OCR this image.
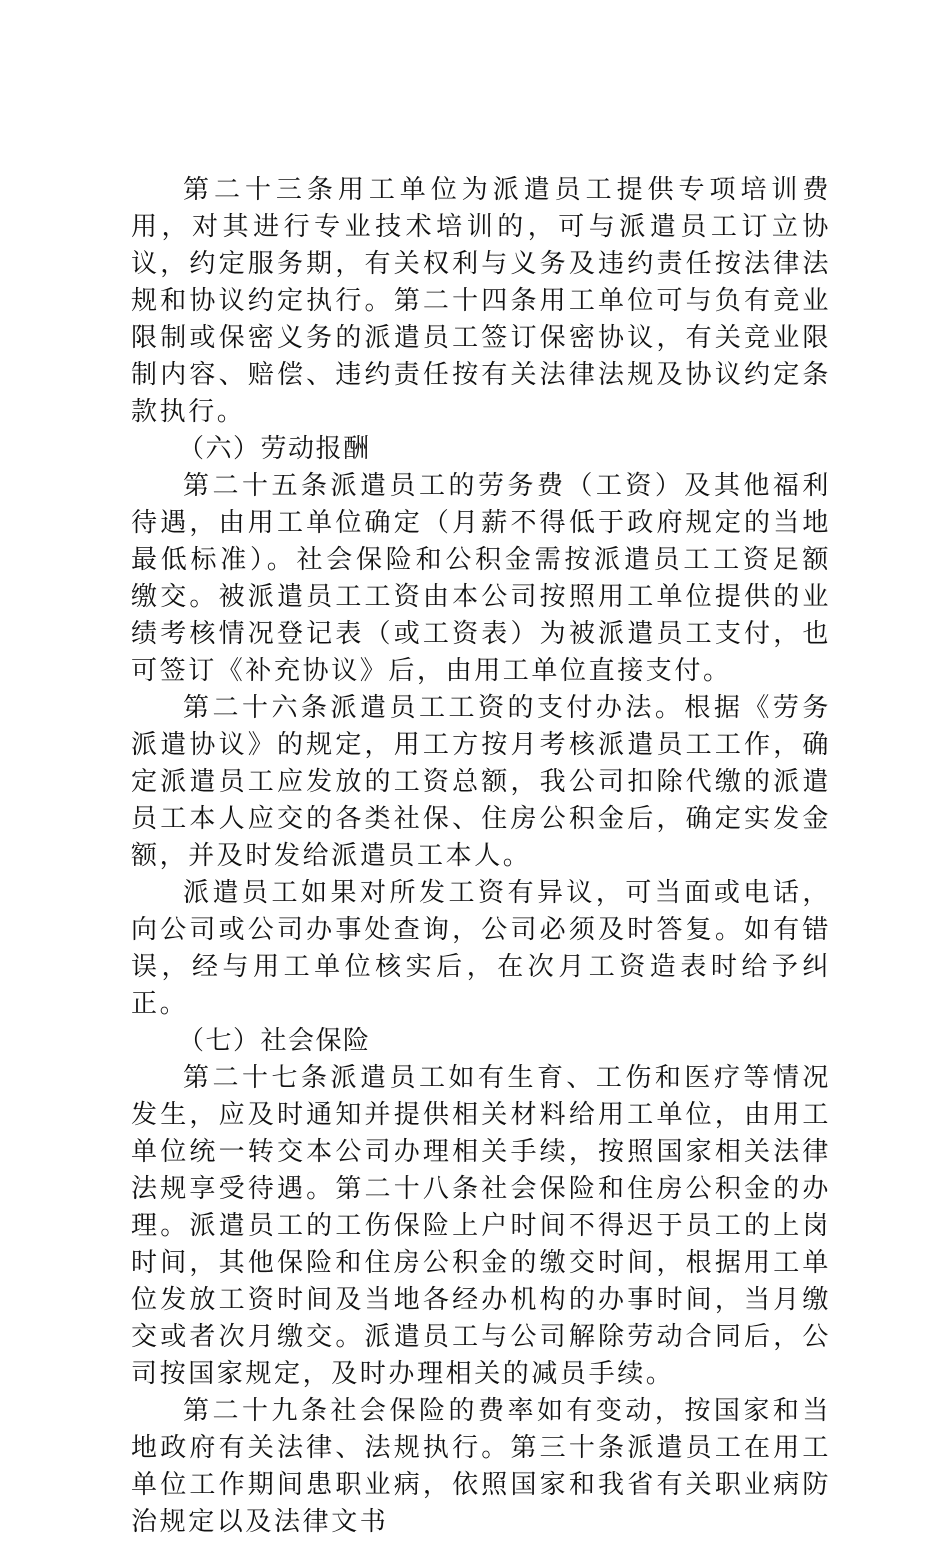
第二十三条用工单位为派遣员工提供专项培训费用，对其进行专业技术培训的，可与派遣员工订立协议，约定服务期，有关权利与义务及违约责任按法律法规和协议约定执行。第二十四条用工单位可与负有竞业限制或保密义务的派遣员工签订保密协议，有关竞业限制内容、赔偿、违约责任按有关法律法规及协议约定条款执行。

（六）劳动报酬

第二十五条派遣员工的劳务费（工资）及其他福利待遇，由用工单位确定（月薪不得低于政府规定的当地最低标准）。社会保险和公积金需按派遣员工工资足额缴交。被派遣员工工资由本公司按照用工单位提供的业绩考核情况登记表（或工资表）为被派遣员工支付，也可签订《补充协议》后，由用工单位直接支付。

第二十六条派遣员工工资的支付办法。根据《劳务派遣协议》的规定，用工方按月考核派遣员工工作，确定派遣员工应发放的工资总额，我公司扣除代缴的派遣员工本人应交的各类社保、住房公积金后，确定实发金额，并及时发给派遣员工本人。

派遣员工如果对所发工资有异议，可当面或电话，向公司或公司办事处查询，公司必须及时答复。如有错误，经与用工单位核实后，在次月工资造表时给予纠正。

（七）社会保险

第二十七条派遣员工如有生育、工伤和医疗等情况发生，应及时通知并提供相关材料给用工单位，由用工单位统一转交本公司办理相关手续，按照国家相关法律法规享受待遇。第二十八条社会保险和住房公积金的办理。派遣员工的工伤保险上户时间不得迟于员工的上岗时间，其他保险和住房公积金的缴交时间，根据用工单位发放工资时间及当地各经办机构的办事时间，当月缴交或者次月缴交。派遣员工与公司解除劳动合同后，公司按国家规定，及时办理相关的减员手续。

第二十九条社会保险的费率如有变动，按国家和当地政府有关法律、法规执行。第三十条派遣员工在用工单位工作期间患职业病，依照国家和我省有关职业病防治规定以及法律文书
